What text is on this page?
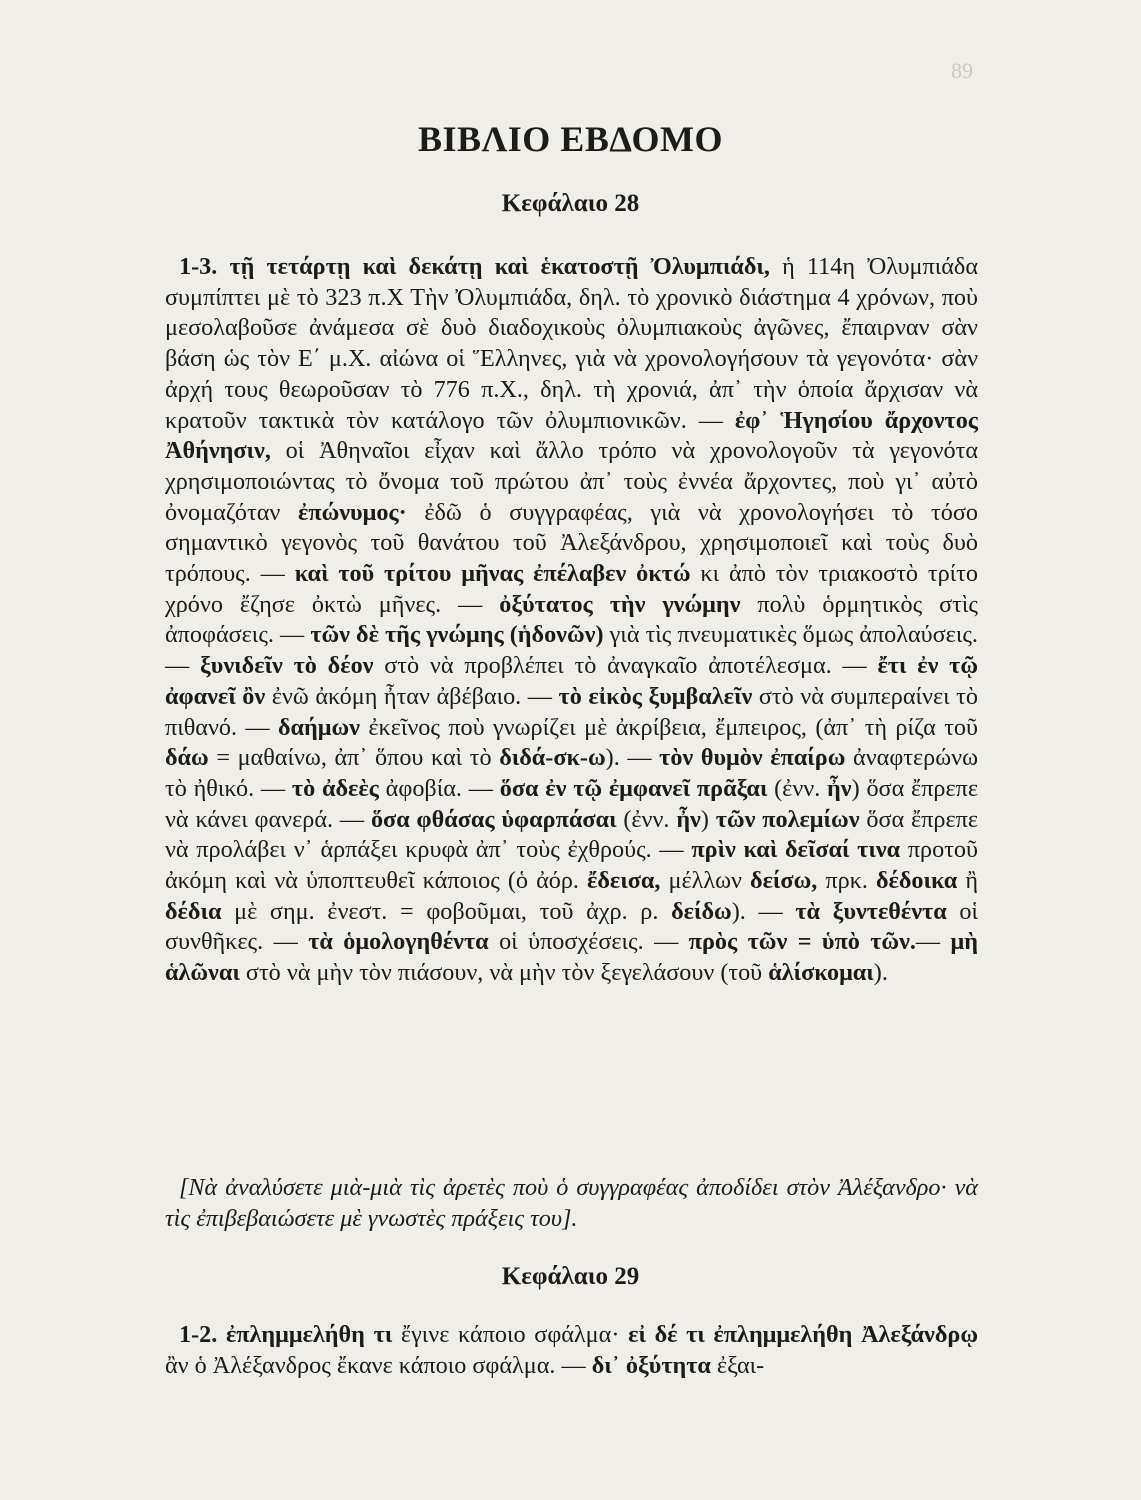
89
ΒΙΒΛΙΟ ΕΒΔΟΜΟ
Κεφάλαιο 28

1-3. τῇ τετάρτῃ καὶ δεκάτῃ καὶ ἑκατοστῇ Ὀλυμπιάδι, ἡ 114η Ὀλυμπιάδα συμπίπτει μὲ τὸ 323 π.Χ Τὴν Ὀλυμπιάδα, δηλ. τὸ χρονικὸ διάστημα 4 χρόνων, ποὺ μεσολαβοῦσε ἀνάμεσα σὲ δυὸ διαδοχικοὺς ὀλυμπιακοὺς ἀγῶνες, ἔπαιρναν σὰν βάση ὡς τὸν Ε΄ μ.Χ. αἰώνα οἱ Ἕλληνες, γιὰ νὰ χρονολογήσουν τὰ γεγονότα· σὰν ἀρχή τους θεωροῦσαν τὸ 776 π.Χ., δηλ. τὴ χρονιά, ἀπ᾽ τὴν ὁποία ἄρχισαν νὰ κρατοῦν τακτικὰ τὸν κατάλογο τῶν ὀλυμπιονικῶν. — ἐφ᾽ Ἡγησίου ἄρχοντος Ἀθήνησιν, οἱ Ἀθηναῖοι εἶχαν καὶ ἄλλο τρόπο νὰ χρονολογοῦν τὰ γεγονότα χρησιμοποιώντας τὸ ὄνομα τοῦ πρώτου ἀπ᾽ τοὺς ἐννέα ἄρχοντες, ποὺ γι᾽ αὐτὸ ὀνομαζόταν ἐπώνυμος· ἐδῶ ὁ συγγραφέας, γιὰ νὰ χρονολογήσει τὸ τόσο σημαντικὸ γεγονὸς τοῦ θανάτου τοῦ Ἀλεξάνδρου, χρησιμοποιεῖ καὶ τοὺς δυὸ τρόπους. — καὶ τοῦ τρίτου μῆνας ἐπέλαβεν ὀκτώ κι ἀπὸ τὸν τριακοστὸ τρίτο χρόνο ἔζησε ὀκτὼ μῆνες. — ὀξύτατος τὴν γνώμην πολὺ ὁρμητικὸς στὶς ἀποφάσεις. — τῶν δὲ τῆς γνώμης (ἡδονῶν) γιὰ τὶς πνευματικὲς ὅμως ἀπολαύσεις. — ξυνιδεῖν τὸ δέον στὸ νὰ προβλέπει τὸ ἀναγκαῖο ἀποτέλεσμα. — ἔτι ἐν τῷ ἀφανεῖ ὂν ἐνῶ ἀκόμη ἦταν ἀβέβαιο. — τὸ εἰκὸς ξυμβαλεῖν στὸ νὰ συμπεραίνει τὸ πιθανό. — δαήμων ἐκεῖνος ποὺ γνωρίζει μὲ ἀκρίβεια, ἔμπειρος, (ἀπ᾽ τὴ ρίζα τοῦ δάω = μαθαίνω, ἀπ᾽ ὅπου καὶ τὸ διδά-σκ-ω). — τὸν θυμὸν ἐπαίρω ἀναφτερώνω τὸ ἠθικό. — τὸ ἀδεὲς ἀφοβία. — ὅσα ἐν τῷ ἐμφανεῖ πρᾶξαι (ἐνν. ἦν) ὅσα ἔπρεπε νὰ κάνει φανερά. — ὅσα φθάσας ὑφαρπάσαι (ἐνν. ἦν) τῶν πολεμίων ὅσα ἔπρεπε νὰ προλάβει ν᾽ ἁρπάξει κρυφὰ ἀπ᾽ τοὺς ἐχθρούς. — πρὶν καὶ δεῖσαί τινα προτοῦ ἀκόμη καὶ νὰ ὑποπτευθεῖ κάποιος (ὁ ἀόρ. ἔδεισα, μέλλων δείσω, πρκ. δέδοικα ἢ δέδια μὲ σημ. ἐνεστ. = φοβοῦμαι, τοῦ ἀχρ. ρ. δείδω). — τὰ ξυντεθέντα οἱ συνθῆκες. — τὰ ὁμολογηθέντα οἱ ὑποσχέσεις. — πρὸς τῶν = ὑπὸ τῶν.— μὴ ἁλῶναι στὸ νὰ μὴν τὸν πιάσουν, νὰ μὴν τὸν ξεγελάσουν (τοῦ ἁλίσκομαι).

[Νὰ ἀναλύσετε μιὰ-μιὰ τὶς ἀρετὲς ποὺ ὁ συγγραφέας ἀποδίδει στὸν Ἀλέξανδρο· νὰ τὶς ἐπιβεβαιώσετε μὲ γνωστὲς πράξεις του].

Κεφάλαιο 29

1-2. ἐπλημμελήθη τι ἔγινε κάποιο σφάλμα· εἰ δέ τι ἐπλημμελήθη Ἀλεξάνδρῳ ἂν ὁ Ἀλέξανδρος ἔκανε κάποιο σφάλμα. — δι᾽ ὀξύτητα ἐξαι-
